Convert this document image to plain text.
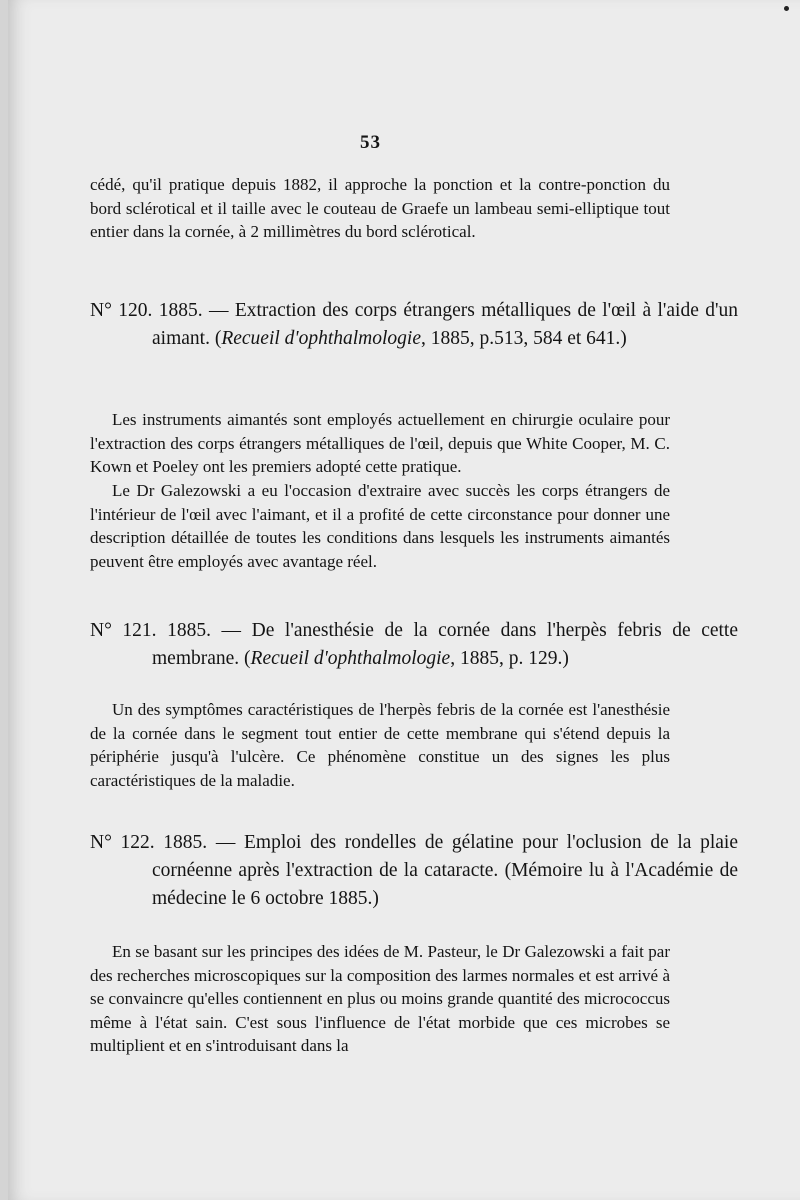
53

cédé, qu'il pratique depuis 1882, il approche la ponction et la contre-ponction du bord sclérotical et il taille avec le couteau de Graefe un lambeau semi-elliptique tout entier dans la cornée, à 2 millimètres du bord sclérotical.

N° 120. 1885. — Extraction des corps étrangers métalliques de l'œil à l'aide d'un aimant. (Recueil d'ophthalmologie, 1885, p.513, 584 et 641.)

Les instruments aimantés sont employés actuellement en chirurgie oculaire pour l'extraction des corps étrangers métalliques de l'œil, depuis que White Cooper, M. C. Kown et Poeley ont les premiers adopté cette pratique.

Le Dr Galezowski a eu l'occasion d'extraire avec succès les corps étrangers de l'intérieur de l'œil avec l'aimant, et il a profité de cette circonstance pour donner une description détaillée de toutes les conditions dans lesquels les instruments aimantés peuvent être employés avec avantage réel.

N° 121. 1885. — De l'anesthésie de la cornée dans l'herpès febris de cette membrane. (Recueil d'ophthalmologie, 1885, p. 129.)

Un des symptômes caractéristiques de l'herpès febris de la cornée est l'anesthésie de la cornée dans le segment tout entier de cette membrane qui s'étend depuis la périphérie jusqu'à l'ulcère. Ce phénomène constitue un des signes les plus caractéristiques de la maladie.

N° 122. 1885. — Emploi des rondelles de gélatine pour l'oclusion de la plaie cornéenne après l'extraction de la cataracte. (Mémoire lu à l'Académie de médecine le 6 octobre 1885.)

En se basant sur les principes des idées de M. Pasteur, le Dr Galezowski a fait par des recherches microscopiques sur la composition des larmes normales et est arrivé à se convaincre qu'elles contiennent en plus ou moins grande quantité des micrococcus même à l'état sain. C'est sous l'influence de l'état morbide que ces microbes se multiplient et en s'introduisant dans la
